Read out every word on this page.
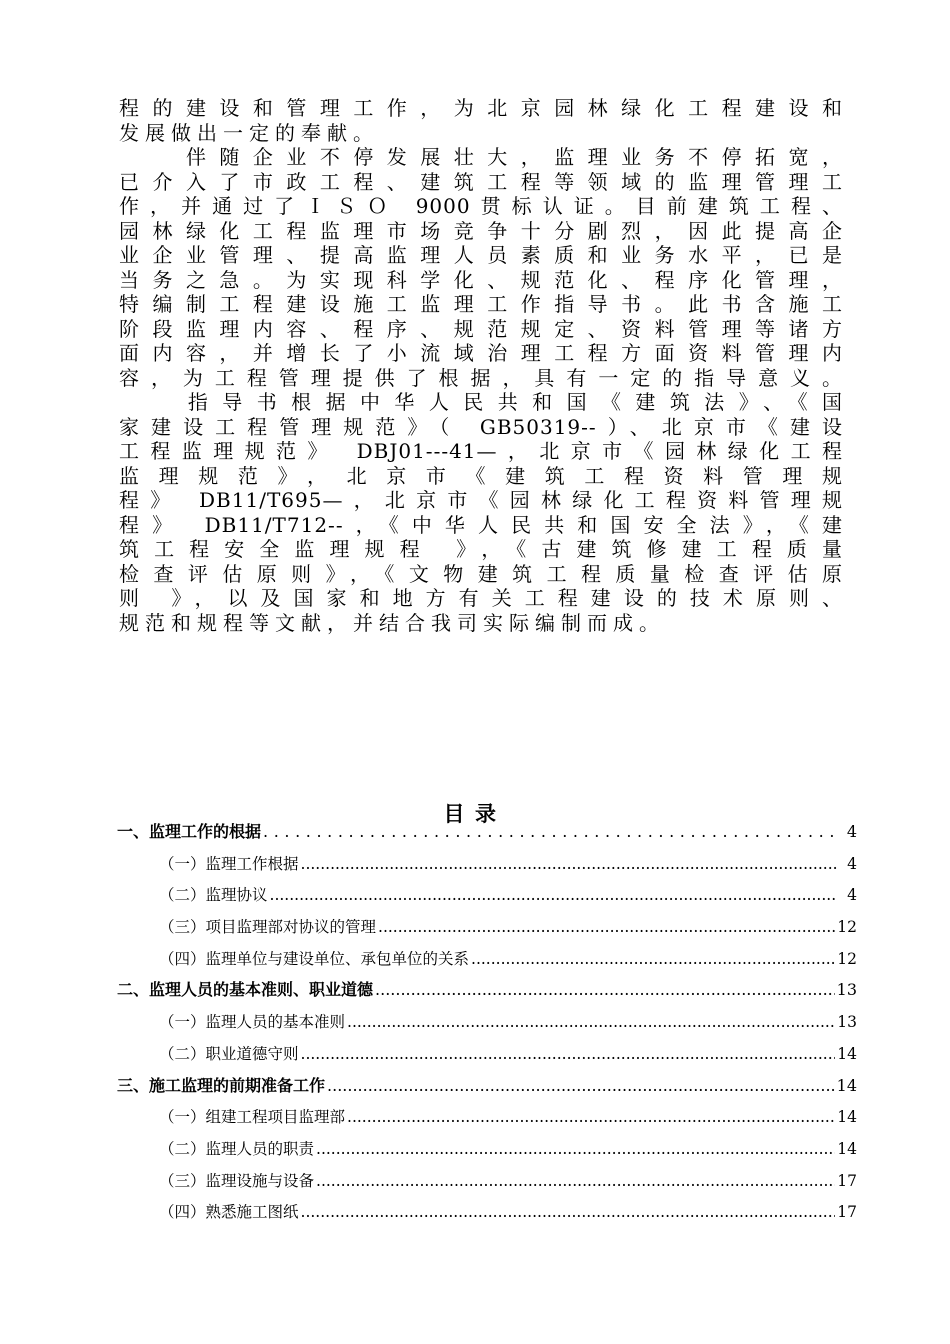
程的建设和管理工作，为北京园林绿化工程建设和
发展做出一定的奉献。
　　伴随企业不停发展壮大，监理业务不停拓宽，
已介入了市政工程、建筑工程等领域的监理管理工
作，并通过了ＩＳＯ 9000贯标认证。目前建筑工程、
园林绿化工程监理市场竞争十分剧烈，因此提高企
业企业管理、提高监理人员素质和业务水平，已是
当务之急。为实现科学化、规范化、程序化管理，
特编制工程建设施工监理工作指导书。此书含施工
阶段监理内容、程序、规范规定、资料管理等诸方
面内容，并增长了小流域治理工程方面资料管理内
容，为工程管理提供了根据，具有一定的指导意义。
　　指导书根据中华人民共和国《建筑法》、《国
家建设工程管理规范》（ GB50319--）、北京市《建设
工程监理规范》 DBJ01---41—，北京市《园林绿化工程
监理规范》，北京市《建筑工程资料管理规
程》 DB11/T695—，北京市《园林绿化工程资料管理规
程》 DB11/T712--，《中华人民共和国安全法》，《建
筑工程安全监理规程 》，《古建筑修建工程质量
检查评估原则》，《文物建筑工程质量检查评估原
则 》，以及国家和地方有关工程建设的技术原则、
规范和规程等文献，并结合我司实际编制而成。
目录
一、监理工作的根据 .....	4
（一）监理工作根据 .....	4
（二）监理协议 .....	4
（三）项目监理部对协议的管理 .....	12
（四）监理单位与建设单位、承包单位的关系 .....	12
二、监理人员的基本准则、职业道德 .....	13
（一）监理人员的基本准则 .....	13
（二）职业道德守则 .....	14
三、施工监理的前期准备工作 .....	14
（一）组建工程项目监理部 .....	14
（二）监理人员的职责 .....	14
（三）监理设施与设备 .....	17
（四）熟悉施工图纸 .....	17
